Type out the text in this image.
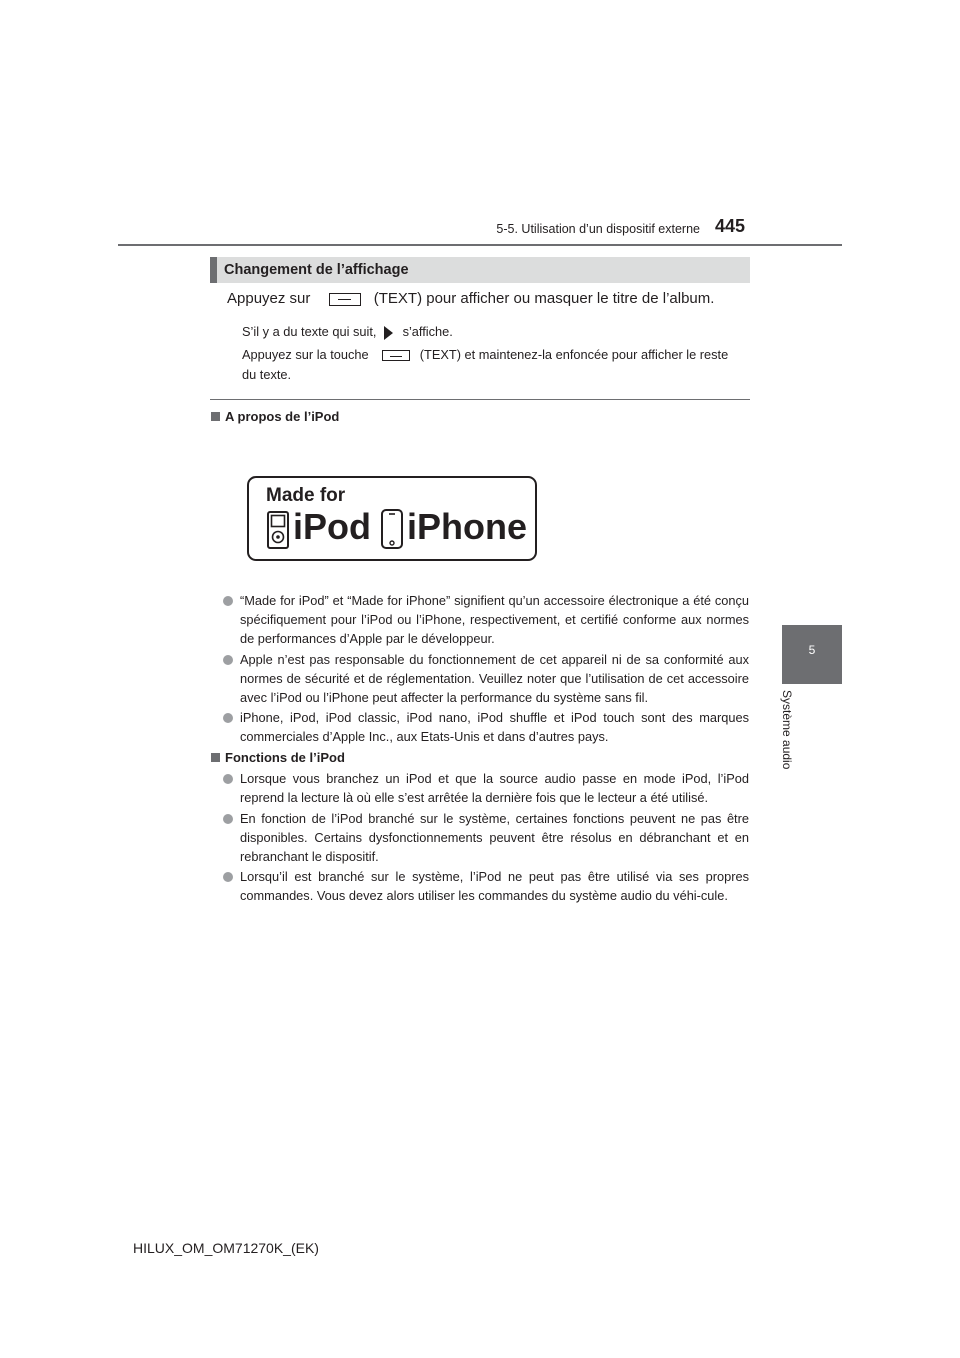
5-5. Utilisation d’un dispositif externe 445
5
Système audio
Changement de l’affichage
Appuyez sur	(TEXT) pour afficher ou masquer le titre de l’album.
S’il y a du texte qui suit, s’affiche.
Appuyez sur la touche	(TEXT) et maintenez-la enfoncée pour afficher le reste
du texte.
A propos de l’iPod
Made for
iPod iPhone
“Made for iPod” et “Made for iPhone” signifient qu’un accessoire électronique a été conçu spécifiquement pour l’iPod ou l’iPhone, respectivement, et certifié conforme aux normes de performances d’Apple par le développeur.
Apple n’est pas responsable du fonctionnement de cet appareil ni de sa conformité aux normes de sécurité et de réglementation. Veuillez noter que l’utilisation de cet accessoire avec l’iPod ou l’iPhone peut affecter la performance du système sans fil.
iPhone, iPod, iPod classic, iPod nano, iPod shuffle et iPod touch sont des marques commerciales d’Apple Inc., aux Etats-Unis et dans d’autres pays.
Fonctions de l’iPod
Lorsque vous branchez un iPod et que la source audio passe en mode iPod, l’iPod reprend la lecture là où elle s’est arrêtée la dernière fois que le lecteur a été utilisé.
En fonction de l’iPod branché sur le système, certaines fonctions peuvent ne pas être disponibles. Certains dysfonctionnements peuvent être résolus en débranchant et en rebranchant le dispositif.
Lorsqu’il est branché sur le système, l’iPod ne peut pas être utilisé via ses propres commandes. Vous devez alors utiliser les commandes du système audio du véhi-cule.
HILUX_OM_OM71270K_(EK)
